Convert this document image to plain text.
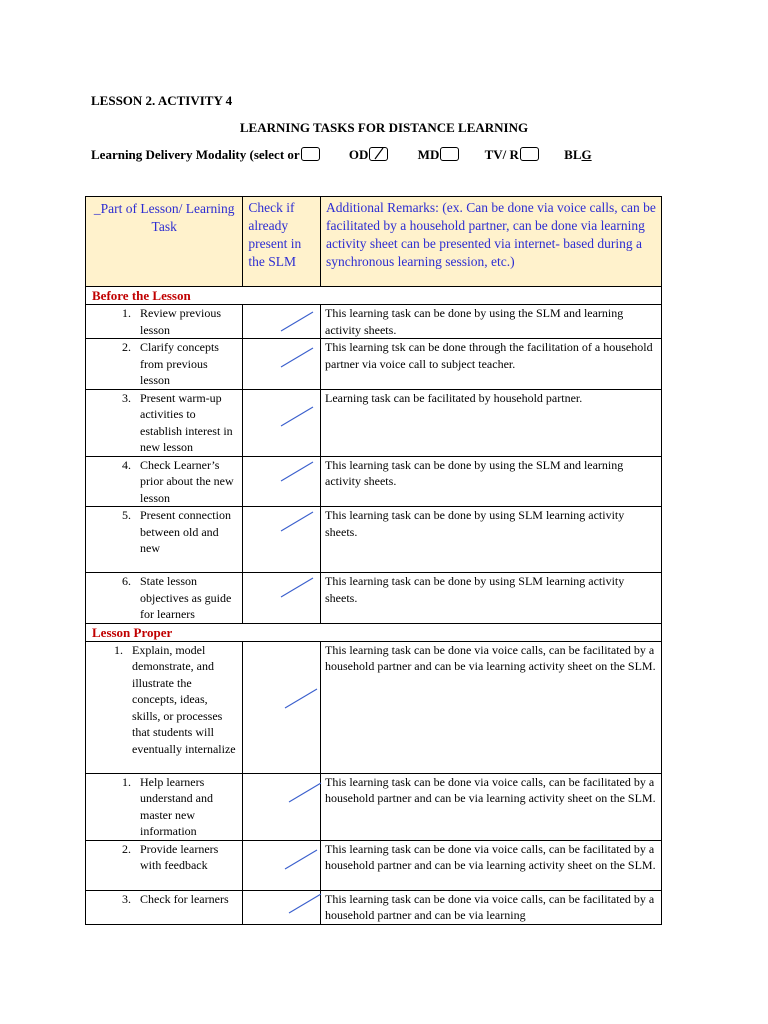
LESSON 2. ACTIVITY 4
LEARNING TASKS FOR DISTANCE LEARNING
Learning Delivery Modality (select or	OD	MD	TV/ R	BLG
_Part of Lesson/ Learning Task	Check if already present in the SLM	Additional Remarks: (ex. Can be done via voice calls, can be facilitated by a household partner, can be done via learning activity sheet can be presented via internet- based during a synchronous learning session, etc.)
Before the Lesson		

1. Review previous lesson		This learning task can be done by using the SLM and learning activity sheets.

2. Clarify concepts from previous lesson		This learning tsk can be done through the facilitation of a household partner via voice call to subject teacher.

3. Present warm-up activities to establish interest in new lesson		Learning task can be facilitated by household partner.

4. Check Learner’s prior about the new lesson		This learning task can be done by using the SLM and learning activity sheets.

5. Present connection between old and new		This learning task can be done by using SLM learning activity sheets.

6. State lesson objectives as guide for learners		This learning task can be done by using SLM learning activity sheets.
Lesson Proper		

1. Explain, model demonstrate, and illustrate the concepts, ideas, skills, or processes that students will eventually internalize		This learning task can be done via voice calls, can be facilitated by a household partner and can be via learning activity sheet on the SLM.

1. Help learners understand and master new information		This learning task can be done via voice calls, can be facilitated by a household partner and can be via learning activity sheet on the SLM.

2. Provide learners with feedback		This learning task can be done via voice calls, can be facilitated by a household partner and can be via learning activity sheet on the SLM.

3. Check for learners		This learning task can be done via voice calls, can be facilitated by a household partner and can be via learning
